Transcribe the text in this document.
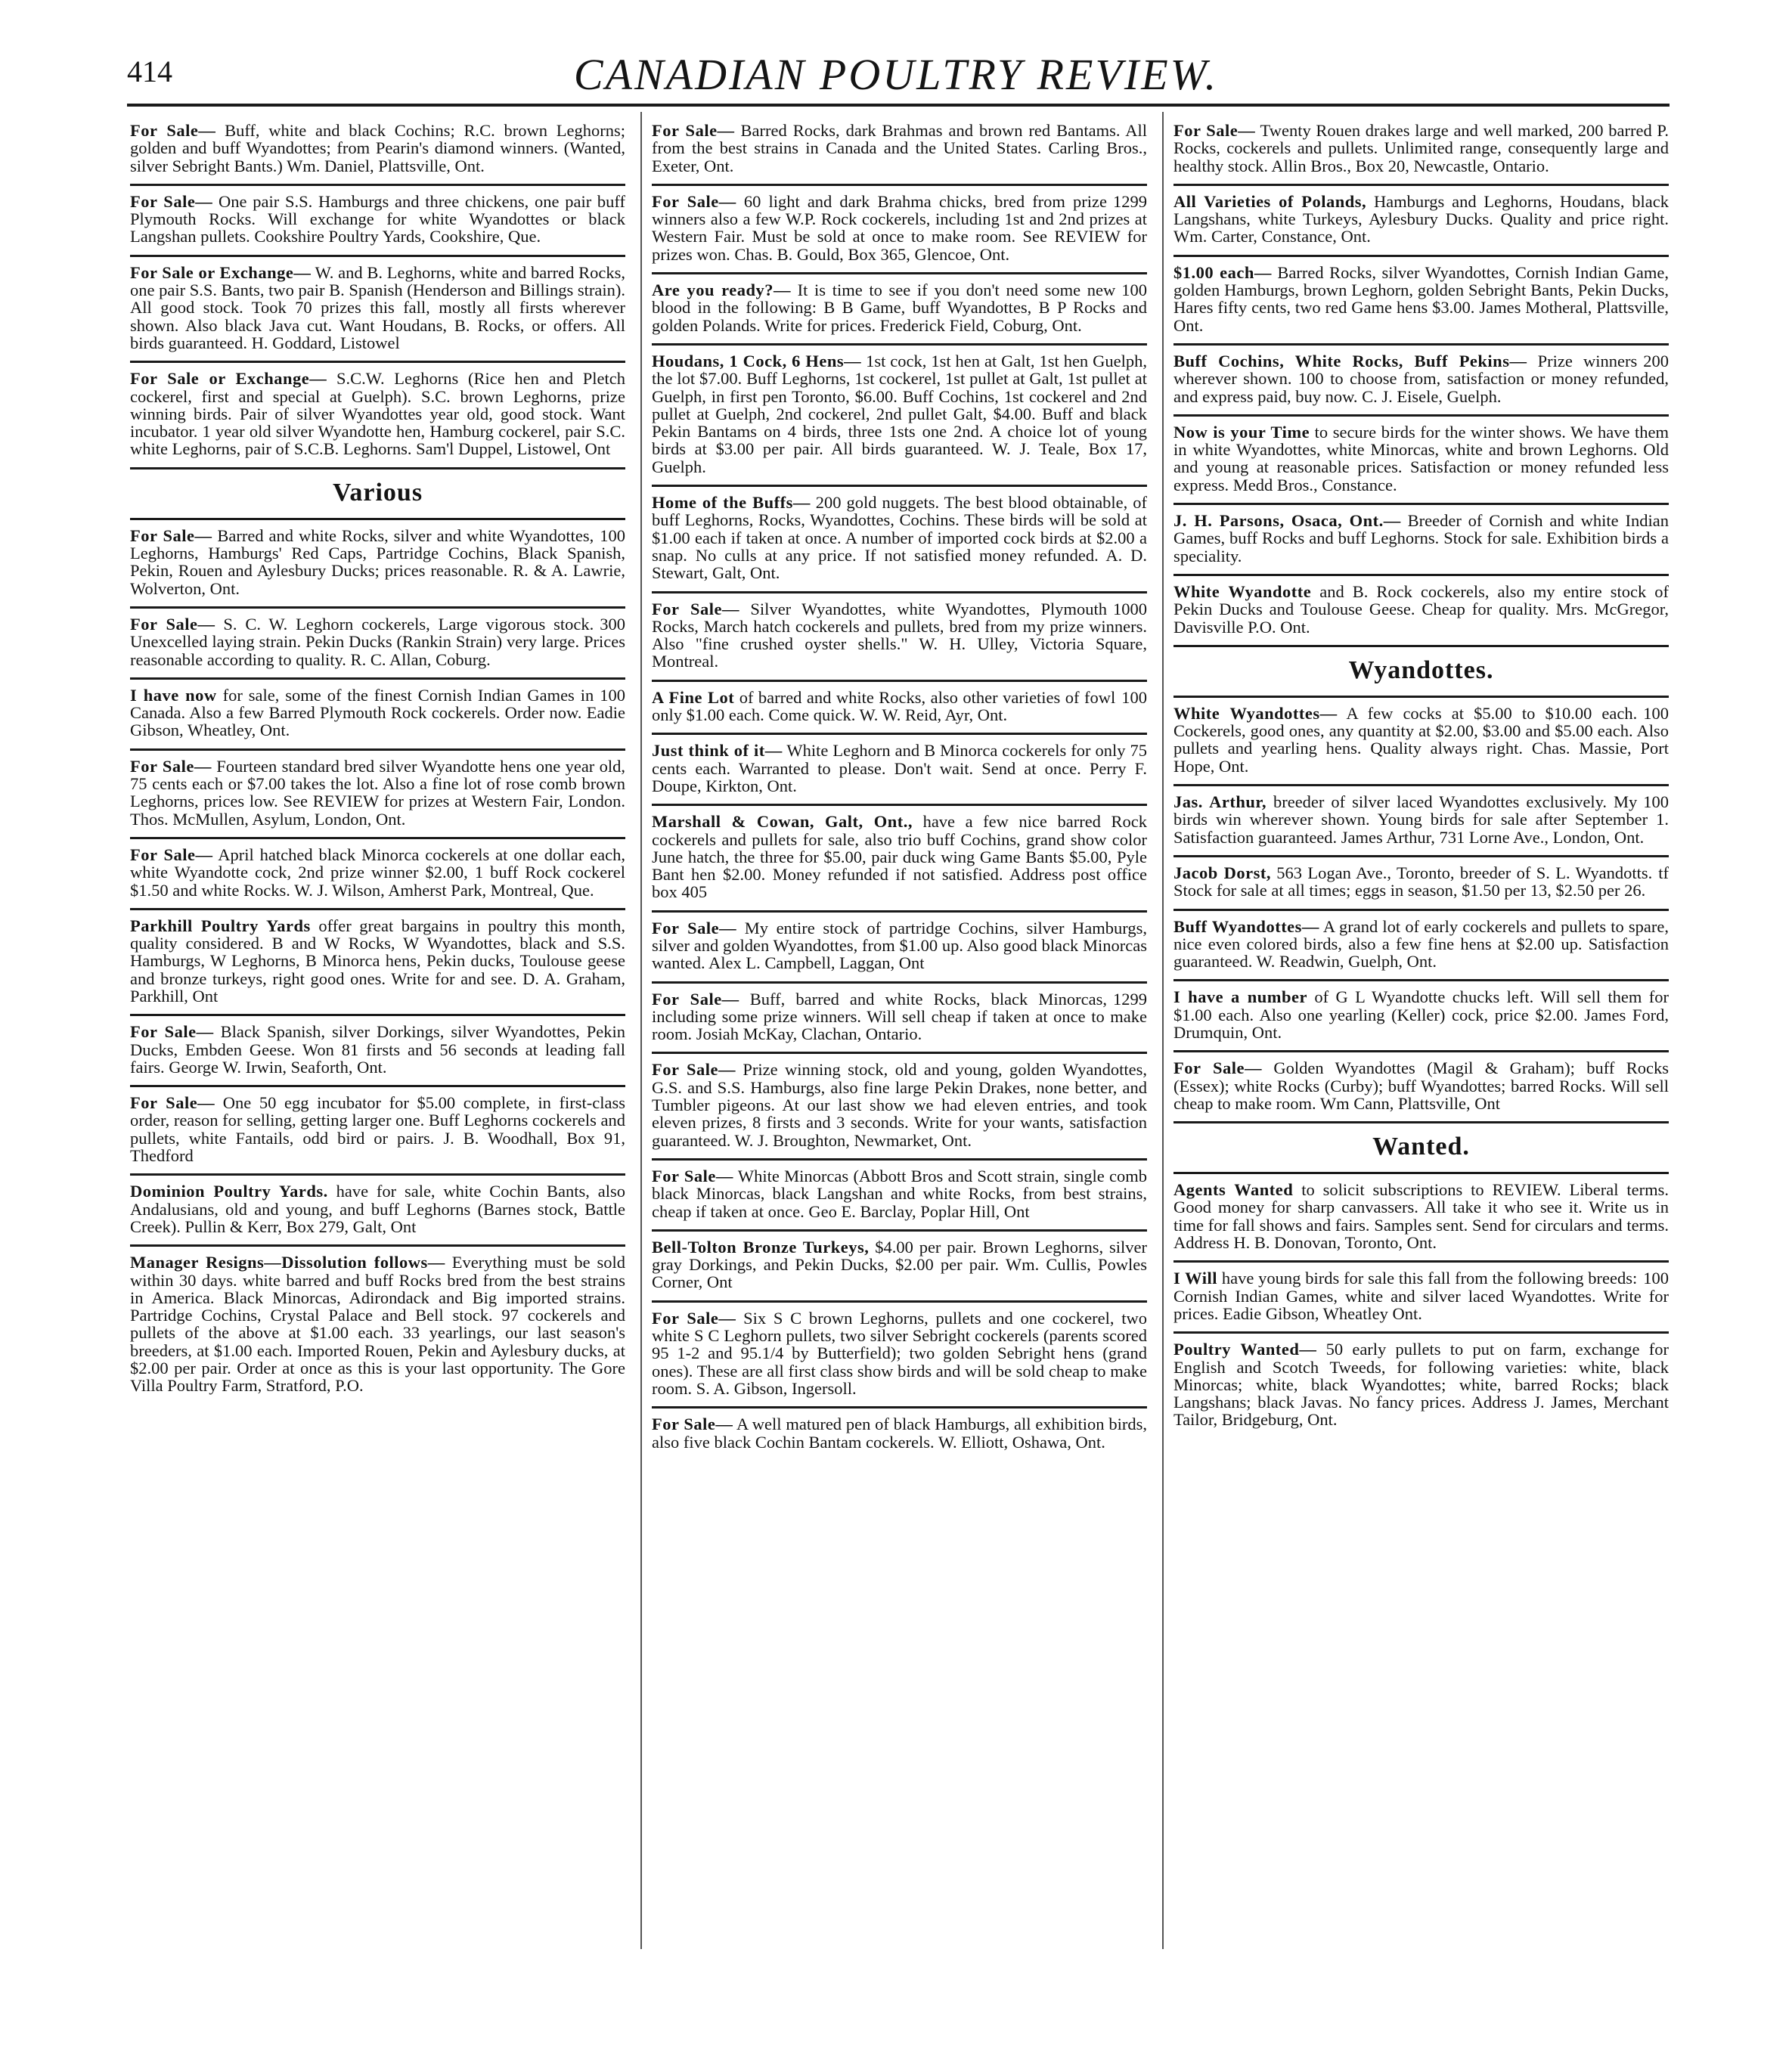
414	CANADIAN POULTRY REVIEW.
For Sale— Buff, white and black Cochins; R.C. brown Leghorns; golden and buff Wyandottes; from Pearin's diamond winners. (Wanted, silver Sebright Bants.) Wm. Daniel, Plattsville, Ont.
For Sale— One pair S.S. Hamburgs and three chickens, one pair buff Plymouth Rocks. Will exchange for white Wyandottes or black Langshan pullets. Cookshire Poultry Yards, Cookshire, Que.
For Sale or Exchange— W. and B. Leghorns, white and barred Rocks, one pair S.S. Bants, two pair B. Spanish (Henderson and Billings strain). All good stock. Took 70 prizes this fall, mostly all firsts wherever shown. Also black Java cut. Want Houdans, B. Rocks, or offers. All birds guaranteed. H. Goddard, Listowel
For Sale or Exchange— S.C.W. Leghorns (Rice hen and Pletch cockerel, first and special at Guelph). S.C. brown Leghorns, prize winning birds. Pair of silver Wyandottes year old, good stock. Want incubator. 1 year old silver Wyandotte hen, Hamburg cockerel, pair S.C. white Leghorns, pair of S.C.B. Leghorns. Sam'l Duppel, Listowel, Ont
Various
100
For Sale— Barred and white Rocks, silver and white Wyandottes, Leghorns, Hamburgs' Red Caps, Partridge Cochins, Black Spanish, Pekin, Rouen and Aylesbury Ducks; prices reasonable. R. & A. Lawrie, Wolverton, Ont.
300
For Sale— S. C. W. Leghorn cockerels, Large vigorous stock. Unexcelled laying strain. Pekin Ducks (Rankin Strain) very large. Prices reasonable according to quality. R. C. Allan, Coburg.
100
I have now for sale, some of the finest Cornish Indian Games in Canada. Also a few Barred Plymouth Rock cockerels. Order now. Eadie Gibson, Wheatley, Ont.
For Sale— Fourteen standard bred silver Wyandotte hens one year old, 75 cents each or $7.00 takes the lot. Also a fine lot of rose comb brown Leghorns, prices low. See REVIEW for prizes at Western Fair, London. Thos. McMullen, Asylum, London, Ont.
For Sale— April hatched black Minorca cockerels at one dollar each, white Wyandotte cock, 2nd prize winner $2.00, 1 buff Rock cockerel $1.50 and white Rocks. W. J. Wilson, Amherst Park, Montreal, Que.
Parkhill Poultry Yards offer great bargains in poultry this month, quality considered. B and W Rocks, W Wyandottes, black and S.S. Hamburgs, W Leghorns, B Minorca hens, Pekin ducks, Toulouse geese and bronze turkeys, right good ones. Write for and see. D. A. Graham, Parkhill, Ont
For Sale— Black Spanish, silver Dorkings, silver Wyandottes, Pekin Ducks, Embden Geese. Won 81 firsts and 56 seconds at leading fall fairs. George W. Irwin, Seaforth, Ont.
For Sale— One 50 egg incubator for $5.00 complete, in first-class order, reason for selling, getting larger one. Buff Leghorns cockerels and pullets, white Fantails, odd bird or pairs. J. B. Woodhall, Box 91, Thedford
Dominion Poultry Yards. have for sale, white Cochin Bants, also Andalusians, old and young, and buff Leghorns (Barnes stock, Battle Creek). Pullin & Kerr, Box 279, Galt, Ont
Manager Resigns—Dissolution follows— Everything must be sold within 30 days. white barred and buff Rocks bred from the best strains in America. Black Minorcas, Adirondack and Big imported strains. Partridge Cochins, Crystal Palace and Bell stock. 97 cockerels and pullets of the above at $1.00 each. 33 yearlings, our last season's breeders, at $1.00 each. Imported Rouen, Pekin and Aylesbury ducks, at $2.00 per pair. Order at once as this is your last opportunity. The Gore Villa Poultry Farm, Stratford, P.O.
For Sale— Barred Rocks, dark Brahmas and brown red Bantams. All from the best strains in Canada and the United States. Carling Bros., Exeter, Ont.
1299
For Sale— 60 light and dark Brahma chicks, bred from prize winners also a few W.P. Rock cockerels, including 1st and 2nd prizes at Western Fair. Must be sold at once to make room. See REVIEW for prizes won. Chas. B. Gould, Box 365, Glencoe, Ont.
100
Are you ready?— It is time to see if you don't need some new blood in the following: B B Game, buff Wyandottes, B P Rocks and golden Polands. Write for prices. Frederick Field, Coburg, Ont.
Houdans, 1 Cock, 6 Hens— 1st cock, 1st hen at Galt, 1st hen Guelph, the lot $7.00. Buff Leghorns, 1st cockerel, 1st pullet at Galt, 1st pullet at Guelph, in first pen Toronto, $6.00. Buff Cochins, 1st cockerel and 2nd pullet at Guelph, 2nd cockerel, 2nd pullet Galt, $4.00. Buff and black Pekin Bantams on 4 birds, three 1sts one 2nd. A choice lot of young birds at $3.00 per pair. All birds guaranteed. W. J. Teale, Box 17, Guelph.
Home of the Buffs— 200 gold nuggets. The best blood obtainable, of buff Leghorns, Rocks, Wyandottes, Cochins. These birds will be sold at $1.00 each if taken at once. A number of imported cock birds at $2.00 a snap. No culls at any price. If not satisfied money refunded. A. D. Stewart, Galt, Ont.
1000
For Sale— Silver Wyandottes, white Wyandottes, Plymouth Rocks, March hatch cockerels and pullets, bred from my prize winners. Also "fine crushed oyster shells." W. H. Ulley, Victoria Square, Montreal.
100
A Fine Lot of barred and white Rocks, also other varieties of fowl only $1.00 each. Come quick. W. W. Reid, Ayr, Ont.
Just think of it— White Leghorn and B Minorca cockerels for only 75 cents each. Warranted to please. Don't wait. Send at once. Perry F. Doupe, Kirkton, Ont.
Marshall & Cowan, Galt, Ont., have a few nice barred Rock cockerels and pullets for sale, also trio buff Cochins, grand show color June hatch, the three for $5.00, pair duck wing Game Bants $5.00, Pyle Bant hen $2.00. Money refunded if not satisfied. Address post office box 405
For Sale— My entire stock of partridge Cochins, silver Hamburgs, silver and golden Wyandottes, from $1.00 up. Also good black Minorcas wanted. Alex L. Campbell, Laggan, Ont
1299
For Sale— Buff, barred and white Rocks, black Minorcas, including some prize winners. Will sell cheap if taken at once to make room. Josiah McKay, Clachan, Ontario.
For Sale— Prize winning stock, old and young, golden Wyandottes, G.S. and S.S. Hamburgs, also fine large Pekin Drakes, none better, and Tumbler pigeons. At our last show we had eleven entries, and took eleven prizes, 8 firsts and 3 seconds. Write for your wants, satisfaction guaranteed. W. J. Broughton, Newmarket, Ont.
For Sale— White Minorcas (Abbott Bros and Scott strain, single comb black Minorcas, black Langshan and white Rocks, from best strains, cheap if taken at once. Geo E. Barclay, Poplar Hill, Ont
Bell-Tolton Bronze Turkeys, $4.00 per pair. Brown Leghorns, silver gray Dorkings, and Pekin Ducks, $2.00 per pair. Wm. Cullis, Powles Corner, Ont
For Sale— Six S C brown Leghorns, pullets and one cockerel, two white S C Leghorn pullets, two silver Sebright cockerels (parents scored 95 1-2 and 95.1/4 by Butterfield); two golden Sebright hens (grand ones). These are all first class show birds and will be sold cheap to make room. S. A. Gibson, Ingersoll.
For Sale— A well matured pen of black Hamburgs, all exhibition birds, also five black Cochin Bantam cockerels. W. Elliott, Oshawa, Ont.
For Sale— Twenty Rouen drakes large and well marked, 200 barred P. Rocks, cockerels and pullets. Unlimited range, consequently large and healthy stock. Allin Bros., Box 20, Newcastle, Ontario.
All Varieties of Polands, Hamburgs and Leghorns, Houdans, black Langshans, white Turkeys, Aylesbury Ducks. Quality and price right. Wm. Carter, Constance, Ont.
$1.00 each— Barred Rocks, silver Wyandottes, Cornish Indian Game, golden Hamburgs, brown Leghorn, golden Sebright Bants, Pekin Ducks, Hares fifty cents, two red Game hens $3.00. James Motheral, Plattsville, Ont.
200
Buff Cochins, White Rocks, Buff Pekins— Prize winners wherever shown. 100 to choose from, satisfaction or money refunded, and express paid, buy now. C. J. Eisele, Guelph.
Now is your Time to secure birds for the winter shows. We have them in white Wyandottes, white Minorcas, white and brown Leghorns. Old and young at reasonable prices. Satisfaction or money refunded less express. Medd Bros., Constance.
J. H. Parsons, Osaca, Ont.— Breeder of Cornish and white Indian Games, buff Rocks and buff Leghorns. Stock for sale. Exhibition birds a speciality.
White Wyandotte and B. Rock cockerels, also my entire stock of Pekin Ducks and Toulouse Geese. Cheap for quality. Mrs. McGregor, Davisville P.O. Ont.
Wyandottes.
100
White Wyandottes— A few cocks at $5.00 to $10.00 each. Cockerels, good ones, any quantity at $2.00, $3.00 and $5.00 each. Also pullets and yearling hens. Quality always right. Chas. Massie, Port Hope, Ont.
100
Jas. Arthur, breeder of silver laced Wyandottes exclusively. My birds win wherever shown. Young birds for sale after September 1. Satisfaction guaranteed. James Arthur, 731 Lorne Ave., London, Ont.
tf
Jacob Dorst, 563 Logan Ave., Toronto, breeder of S. L. Wyandotts. Stock for sale at all times; eggs in season, $1.50 per 13, $2.50 per 26.
Buff Wyandottes— A grand lot of early cockerels and pullets to spare, nice even colored birds, also a few fine hens at $2.00 up. Satisfaction guaranteed. W. Readwin, Guelph, Ont.
I have a number of G L Wyandotte chucks left. Will sell them for $1.00 each. Also one yearling (Keller) cock, price $2.00. James Ford, Drumquin, Ont.
For Sale— Golden Wyandottes (Magil & Graham); buff Rocks (Essex); white Rocks (Curby); buff Wyandottes; barred Rocks. Will sell cheap to make room. Wm Cann, Plattsville, Ont
Wanted.
Agents Wanted to solicit subscriptions to REVIEW. Liberal terms. Good money for sharp canvassers. All take it who see it. Write us in time for fall shows and fairs. Samples sent. Send for circulars and terms. Address H. B. Donovan, Toronto, Ont.
100
I Will have young birds for sale this fall from the following breeds: Cornish Indian Games, white and silver laced Wyandottes. Write for prices. Eadie Gibson, Wheatley Ont.
Poultry Wanted— 50 early pullets to put on farm, exchange for English and Scotch Tweeds, for following varieties: white, black Minorcas; white, black Wyandottes; white, barred Rocks; black Langshans; black Javas. No fancy prices. Address J. James, Merchant Tailor, Bridgeburg, Ont.
